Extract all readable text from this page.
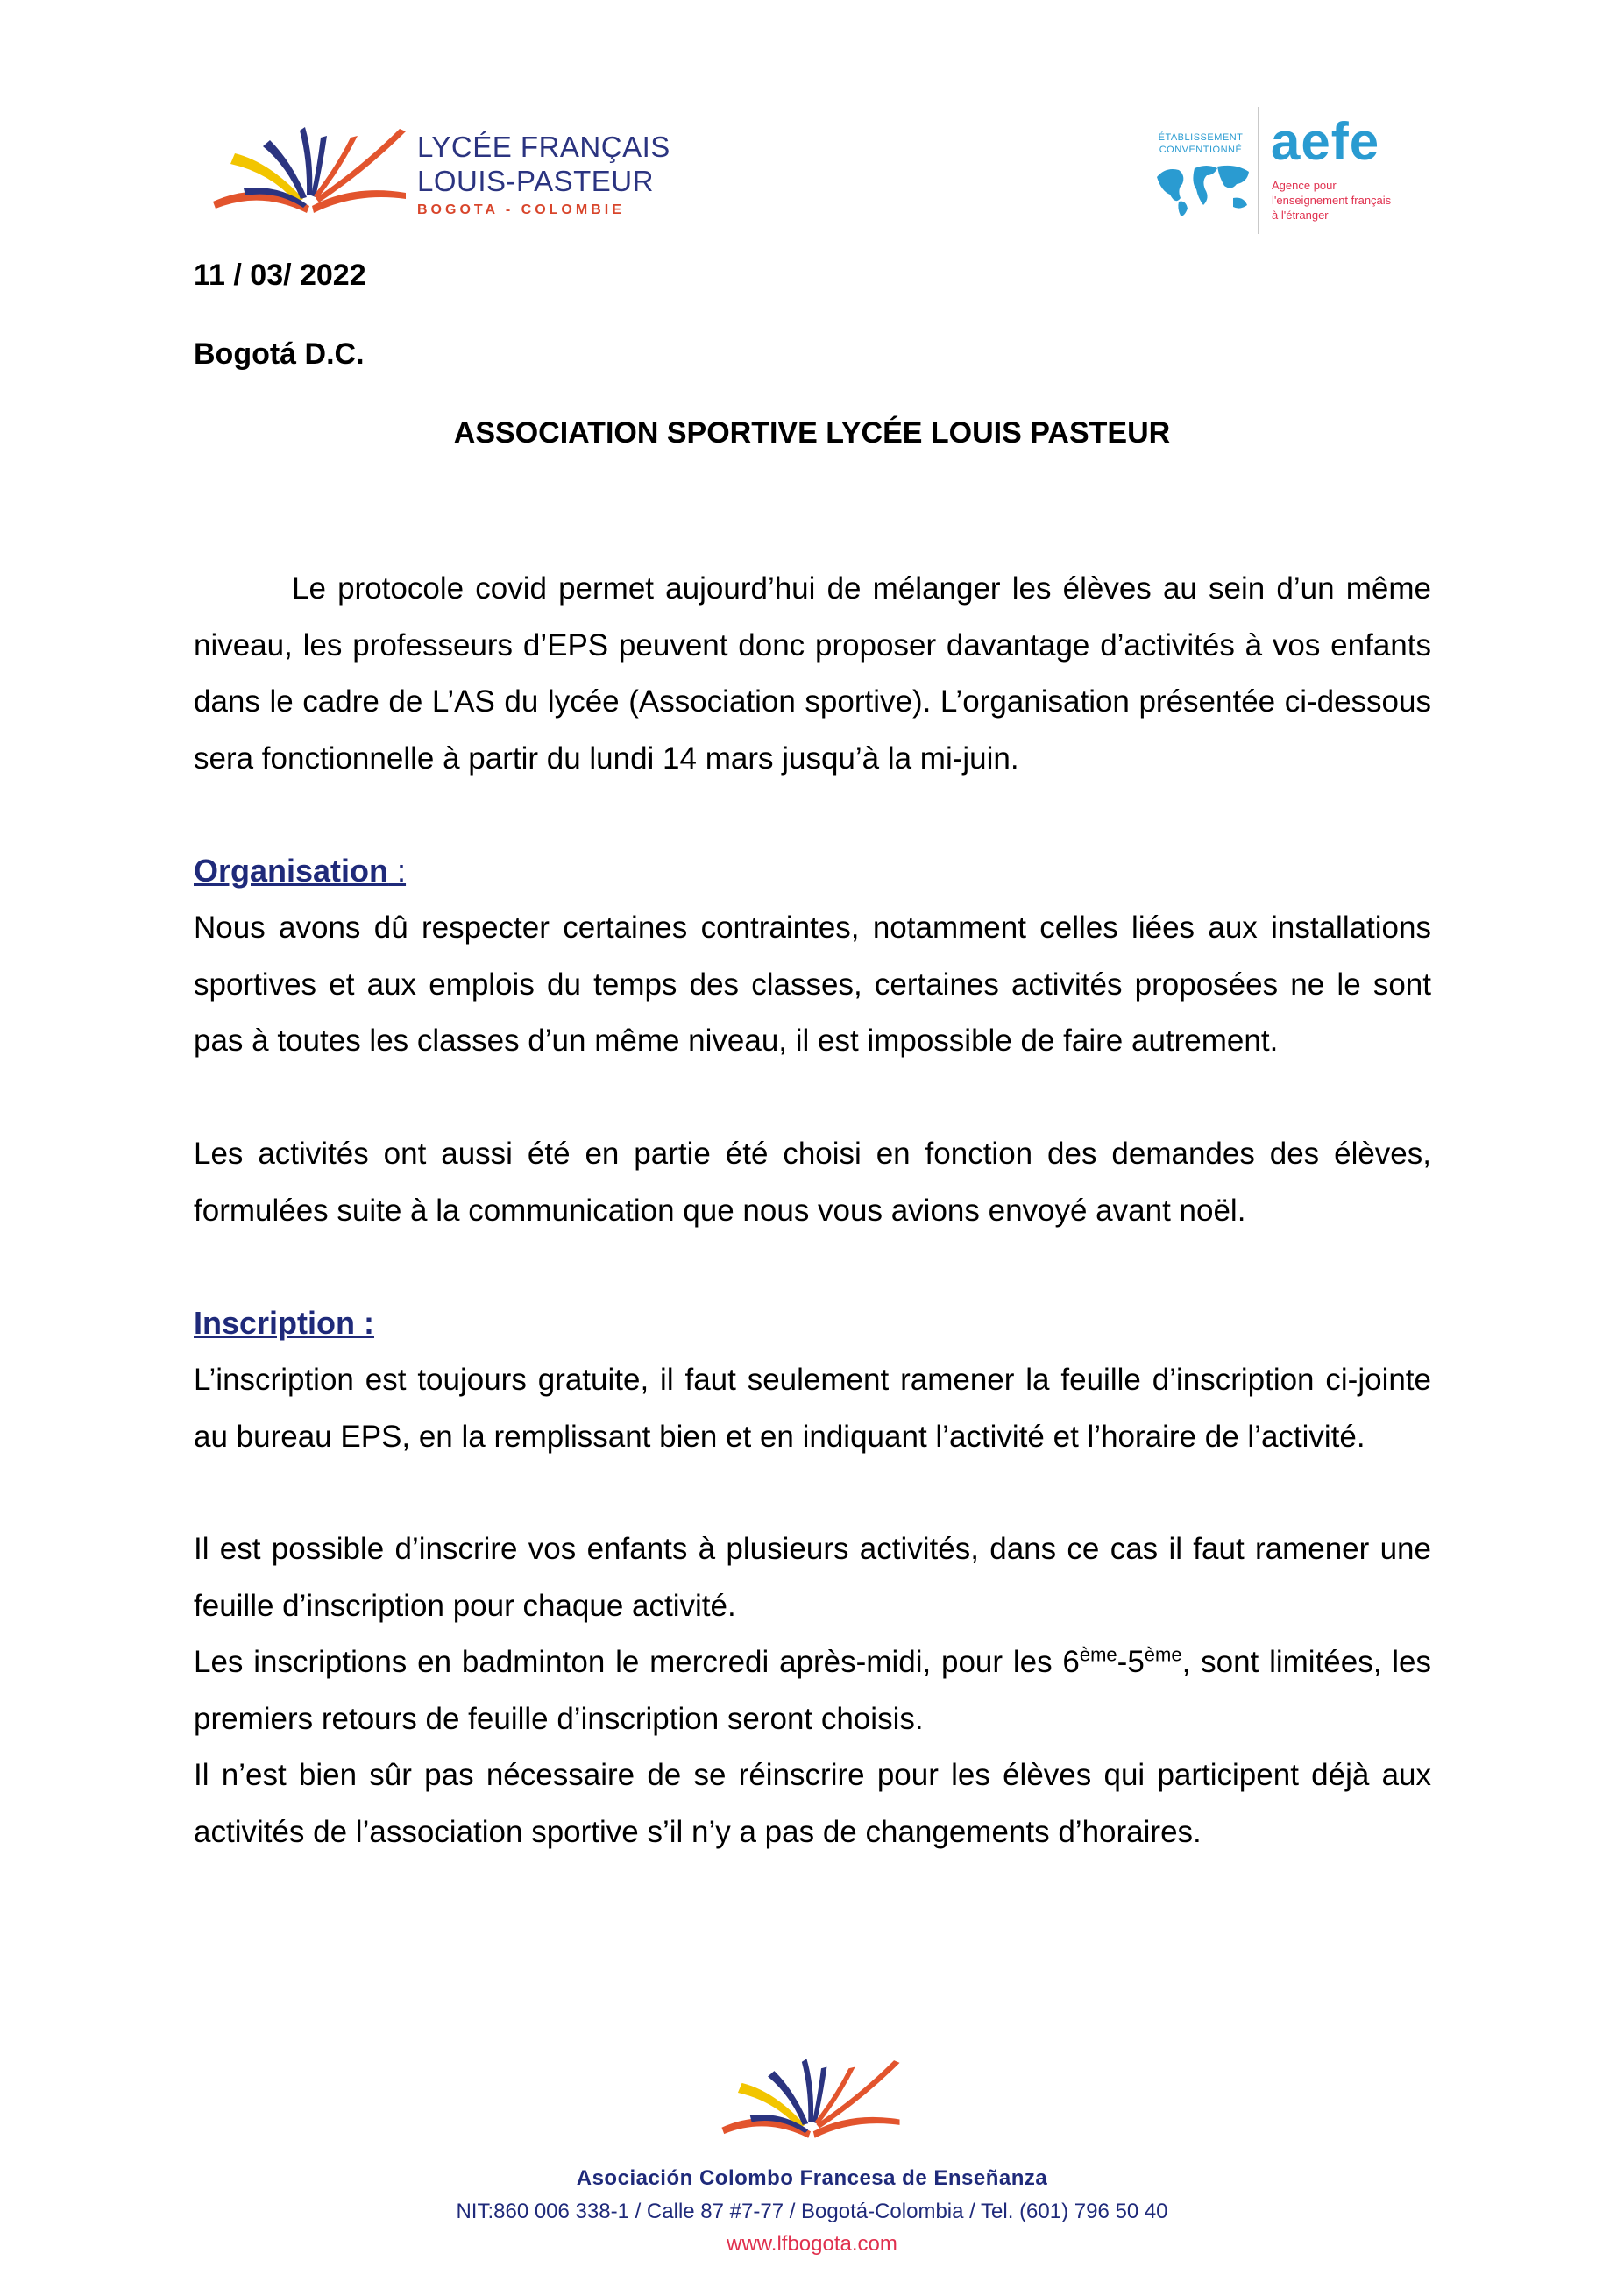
LYCÉE FRANÇAIS
LOUIS-PASTEUR
BOGOTA - COLOMBIE
ÉTABLISSEMENT
CONVENTIONNÉ aefe
Agence pour
l'enseignement français
à l'étranger
11 / 03/ 2022
Bogotá D.C.
ASSOCIATION SPORTIVE LYCÉE LOUIS PASTEUR
Le protocole covid permet aujourd’hui de mélanger les élèves au sein d’un même niveau, les professeurs d’EPS peuvent donc proposer davantage d’activités à vos enfants dans le cadre de L’AS du lycée (Association sportive). L’organisation présentée ci-dessous sera fonctionnelle à partir du lundi 14 mars jusqu’à la mi-juin.
Organisation :
Nous avons dû respecter certaines contraintes, notamment celles liées aux installations sportives et aux emplois du temps des classes, certaines activités proposées ne le sont pas à toutes les classes d’un même niveau, il est impossible de faire autrement.
Les activités ont aussi été en partie été choisi en fonction des demandes des élèves, formulées suite à la communication que nous vous avions envoyé avant noël.
Inscription :
L’inscription est toujours gratuite, il faut seulement ramener la feuille d’inscription ci-jointe au bureau EPS, en la remplissant bien et en indiquant l’activité et l’horaire de l’activité.
Il est possible d’inscrire vos enfants à plusieurs activités, dans ce cas il faut ramener une feuille d’inscription pour chaque activité.
Les inscriptions en badminton le mercredi après-midi, pour les 6ème-5ème, sont limitées, les premiers retours de feuille d’inscription seront choisis.
Il n’est bien sûr pas nécessaire de se réinscrire pour les élèves qui participent déjà aux activités de l’association sportive s’il n’y a pas de changements d’horaires.
Asociación Colombo Francesa de Enseñanza
NIT:860 006 338-1 / Calle 87 #7-77 / Bogotá-Colombia / Tel. (601) 796 50 40
www.lfbogota.com
